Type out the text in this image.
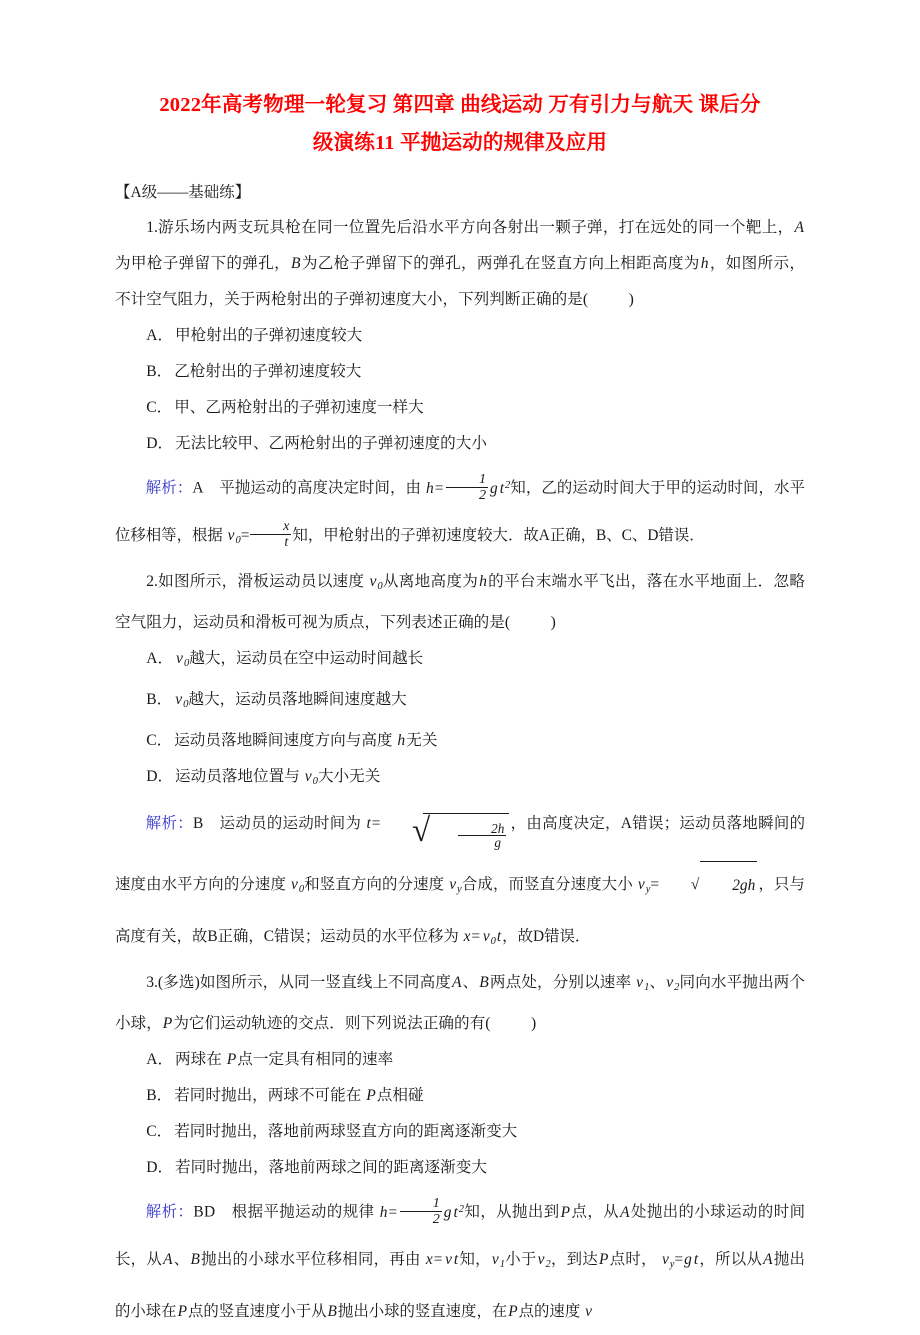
2022年高考物理一轮复习 第四章 曲线运动 万有引力与航天 课后分
级演练11 平抛运动的规律及应用

【A级——基础练】

1.游乐场内两支玩具枪在同一位置先后沿水平方向各射出一颗子弹，打在远处的同一个靶上，A为甲枪子弹留下的弹孔，B为乙枪子弹留下的弹孔，两弹孔在竖直方向上相距高度为h，如图所示，不计空气阻力，关于两枪射出的子弹初速度大小，下列判断正确的是(	)

A． 甲枪射出的子弹初速度较大

B． 乙枪射出的子弹初速度较大

C． 甲、乙两枪射出的子弹初速度一样大

D． 无法比较甲、乙两枪射出的子弹初速度的大小

解析：A　 平抛运动的高度决定时间，由 $h= \frac{1}{2}$ g $t^2$知，乙的运动时间大于甲的运动时间，水平位移相等，根据 $v_0= \frac{x}{t}$ 知，甲枪射出的子弹初速度较大．故A正确，B、C、D错误．

2.如图所示，滑板运动员以速度 $v_0$从离地高度为h的平台末端水平飞出，落在水平地面上．忽略空气阻力，运动员和滑板可视为质点，下列表述正确的是(	)

A． $v_0$越大，运动员在空中运动时间越长

B． $v_0$越大，运动员落地瞬间速度越大

C． 运动员落地瞬间速度方向与高度 h无关

D． 运动员落地位置与 $v_0$大小无关

解析：B　 运动员的运动时间为 t= √ $\frac{2h}{g}$ ，由高度决定，A错误；运动员落地瞬间的速度由水平方向的分速度 $v_0$和竖直方向的分速度 $v_y$合成，而竖直分速度大小 $v_y=$	√ 2gh ，只与高度有关，故B正确，C错误；运动员的水平位移为 $x= v_0t$，故D错误．

3.(多选)如图所示，从同一竖直线上不同高度A、B两点处，分别以速率 $v_1$、$v_2$同向水平抛出两个小球，P为它们运动轨迹的交点．则下列说法正确的有(	)

A． 两球在 P点一定具有相同的速率

B． 若同时抛出，两球不可能在 P点相碰

C． 若同时抛出，落地前两球竖直方向的距离逐渐变大

D． 若同时抛出，落地前两球之间的距离逐渐变大

解析：BD　 根据平抛运动的规律 $h= \frac{1}{2}$ g $t^2$知，从抛出到P点，从A处抛出的小球运动的时间长，从A、B抛出的小球水平位移相同，再由 x= v t知，$v_1$小于$v_2$，到达P点时， $v_y=g$ t，所以从A抛出的小球在P点的竖直速度小于从B抛出小球的竖直速度，在P点的速度 v
